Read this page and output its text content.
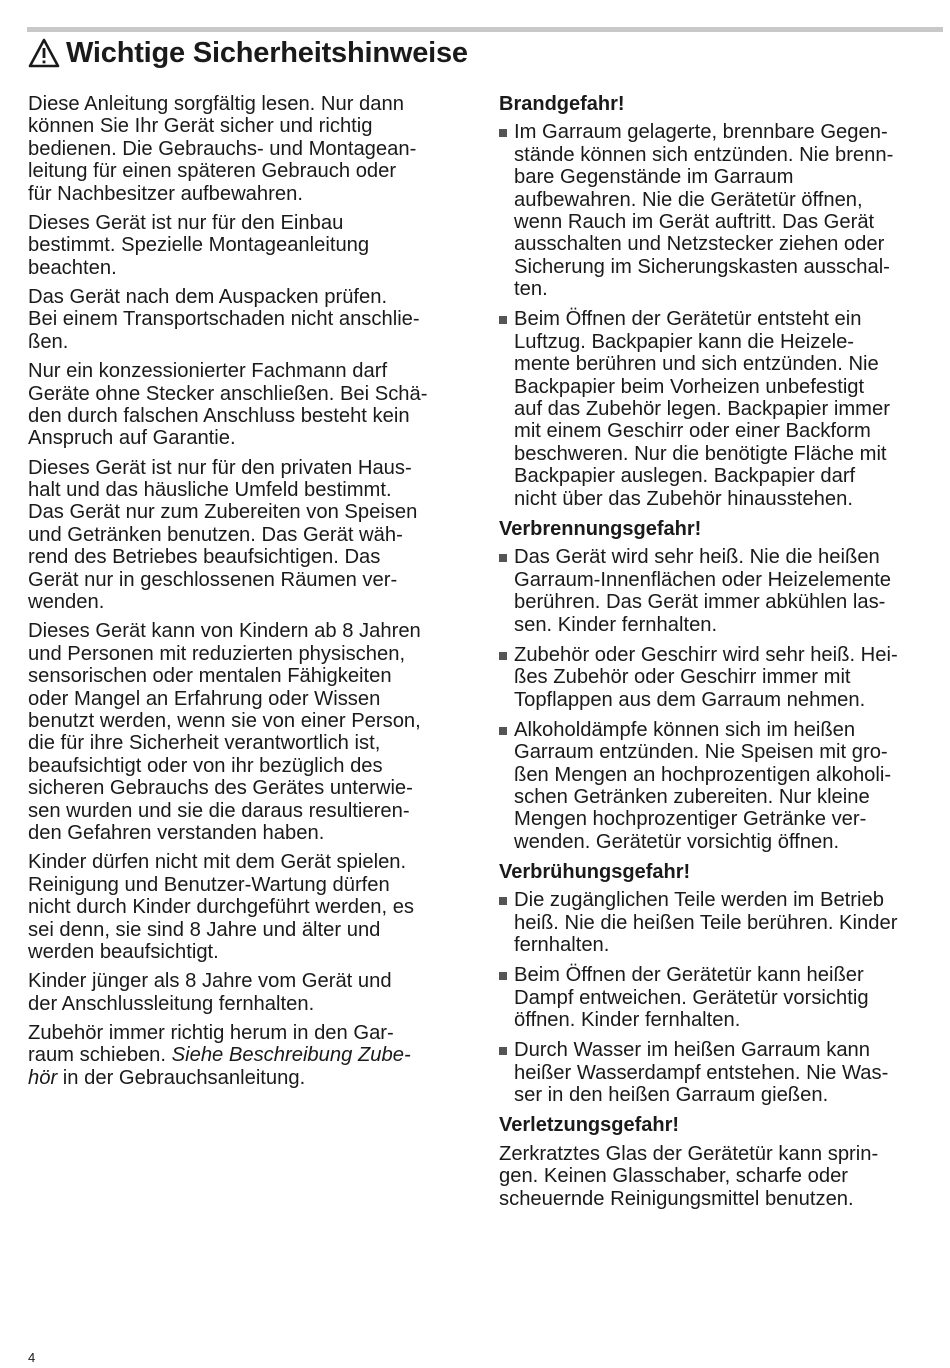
Wichtige Sicherheitshinweise

Diese Anleitung sorgfältig lesen. Nur dann
können Sie Ihr Gerät sicher und richtig
bedienen. Die Gebrauchs- und Montagean-
leitung für einen späteren Gebrauch oder
für Nachbesitzer aufbewahren.

Dieses Gerät ist nur für den Einbau
bestimmt. Spezielle Montageanleitung
beachten.

Das Gerät nach dem Auspacken prüfen.
Bei einem Transportschaden nicht anschlie-
ßen.

Nur ein konzessionierter Fachmann darf
Geräte ohne Stecker anschließen. Bei Schä-
den durch falschen Anschluss besteht kein
Anspruch auf Garantie.

Dieses Gerät ist nur für den privaten Haus-
halt und das häusliche Umfeld bestimmt.
Das Gerät nur zum Zubereiten von Speisen
und Getränken benutzen. Das Gerät wäh-
rend des Betriebes beaufsichtigen. Das
Gerät nur in geschlossenen Räumen ver-
wenden.

Dieses Gerät kann von Kindern ab 8 Jahren
und Personen mit reduzierten physischen,
sensorischen oder mentalen Fähigkeiten
oder Mangel an Erfahrung oder Wissen
benutzt werden, wenn sie von einer Person,
die für ihre Sicherheit verantwortlich ist,
beaufsichtigt oder von ihr bezüglich des
sicheren Gebrauchs des Gerätes unterwie-
sen wurden und sie die daraus resultieren-
den Gefahren verstanden haben.

Kinder dürfen nicht mit dem Gerät spielen.
Reinigung und Benutzer-Wartung dürfen
nicht durch Kinder durchgeführt werden, es
sei denn, sie sind 8 Jahre und älter und
werden beaufsichtigt.

Kinder jünger als 8 Jahre vom Gerät und
der Anschlussleitung fernhalten.

Zubehör immer richtig herum in den Gar-
raum schieben. Siehe Beschreibung Zube-
hör in der Gebrauchsanleitung.

Brandgefahr!
Im Garraum gelagerte, brennbare Gegen-
stände können sich entzünden. Nie brenn-
bare Gegenstände im Garraum
aufbewahren. Nie die Gerätetür öffnen,
wenn Rauch im Gerät auftritt. Das Gerät
ausschalten und Netzstecker ziehen oder
Sicherung im Sicherungskasten ausschal-
ten.
Beim Öffnen der Gerätetür entsteht ein
Luftzug. Backpapier kann die Heizele-
mente berühren und sich entzünden. Nie
Backpapier beim Vorheizen unbefestigt
auf das Zubehör legen. Backpapier immer
mit einem Geschirr oder einer Backform
beschweren. Nur die benötigte Fläche mit
Backpapier auslegen. Backpapier darf
nicht über das Zubehör hinausstehen.
Verbrennungsgefahr!
Das Gerät wird sehr heiß. Nie die heißen
Garraum-Innenflächen oder Heizelemente
berühren. Das Gerät immer abkühlen las-
sen. Kinder fernhalten.
Zubehör oder Geschirr wird sehr heiß. Hei-
ßes Zubehör oder Geschirr immer mit
Topflappen aus dem Garraum nehmen.
Alkoholdämpfe können sich im heißen
Garraum entzünden. Nie Speisen mit gro-
ßen Mengen an hochprozentigen alkoholi-
schen Getränken zubereiten. Nur kleine
Mengen hochprozentiger Getränke ver-
wenden. Gerätetür vorsichtig öffnen.
Verbrühungsgefahr!
Die zugänglichen Teile werden im Betrieb
heiß. Nie die heißen Teile berühren. Kinder
fernhalten.
Beim Öffnen der Gerätetür kann heißer
Dampf entweichen. Gerätetür vorsichtig
öffnen. Kinder fernhalten.
Durch Wasser im heißen Garraum kann
heißer Wasserdampf entstehen. Nie Was-
ser in den heißen Garraum gießen.
Verletzungsgefahr!

Zerkratztes Glas der Gerätetür kann sprin-
gen. Keinen Glasschaber, scharfe oder
scheuernde Reinigungsmittel benutzen.

4
